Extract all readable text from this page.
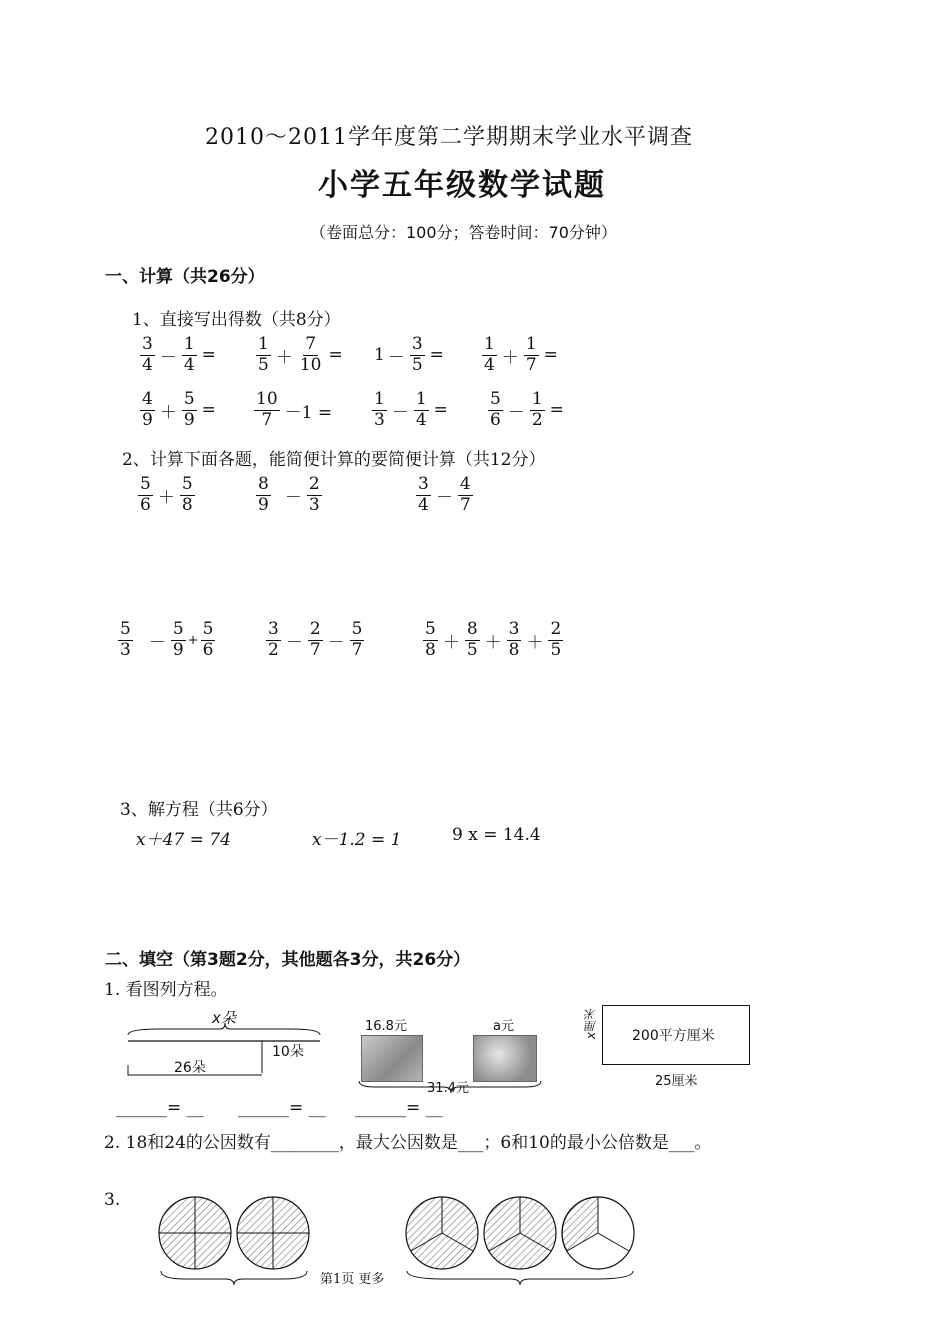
2010～2011学年度第二学期期末学业水平调查
小学五年级数学试题
（卷面总分：100分；答卷时间：70分钟）
一、计算（共26分）
1、直接写出得数（共8分）
$\frac{3}{4} - \frac{1}{4} = \frac{1}{5} + \frac{7}{10} = 1 - \frac{3}{5} = \frac{1}{4} + \frac{1}{7}$ =
$\frac{4}{9} + \frac{5}{9} = \frac{10}{7} -1 = \frac{1}{3} - \frac{1}{4} = \frac{5}{6} - \frac{1}{2}$ =
2、计算下面各题，能简便计算的要简便计算（共12分）
$\frac{5}{6} + \frac{5}{8}$	$\frac{8}{9} - \frac{2}{3}$	$\frac{3}{4} - \frac{4}{7}$
$\frac{5}{3} - \frac{5}{9} + \frac{5}{6}$	$\frac{3}{2} - \frac{2}{7} - \frac{5}{7}$	$\frac{5}{8} + \frac{8}{5} + \frac{3}{8} + \frac{2}{5}$
3、解方程（共6分）
x＋47 = 74	x－1.2 = 1	9 x = 14.4
二、填空（第3题2分，其他题各3分，共26分）
1. 看图列方程。
x朵
26朵
10朵
16.8元	a元
31.4元
200平方厘米
x厘米
25厘米
______= __ ______= __ ______= __
2. 18和24的公因数有________，最大公因数是___；6和10的最小公倍数是___。
3.
第1页 更多
